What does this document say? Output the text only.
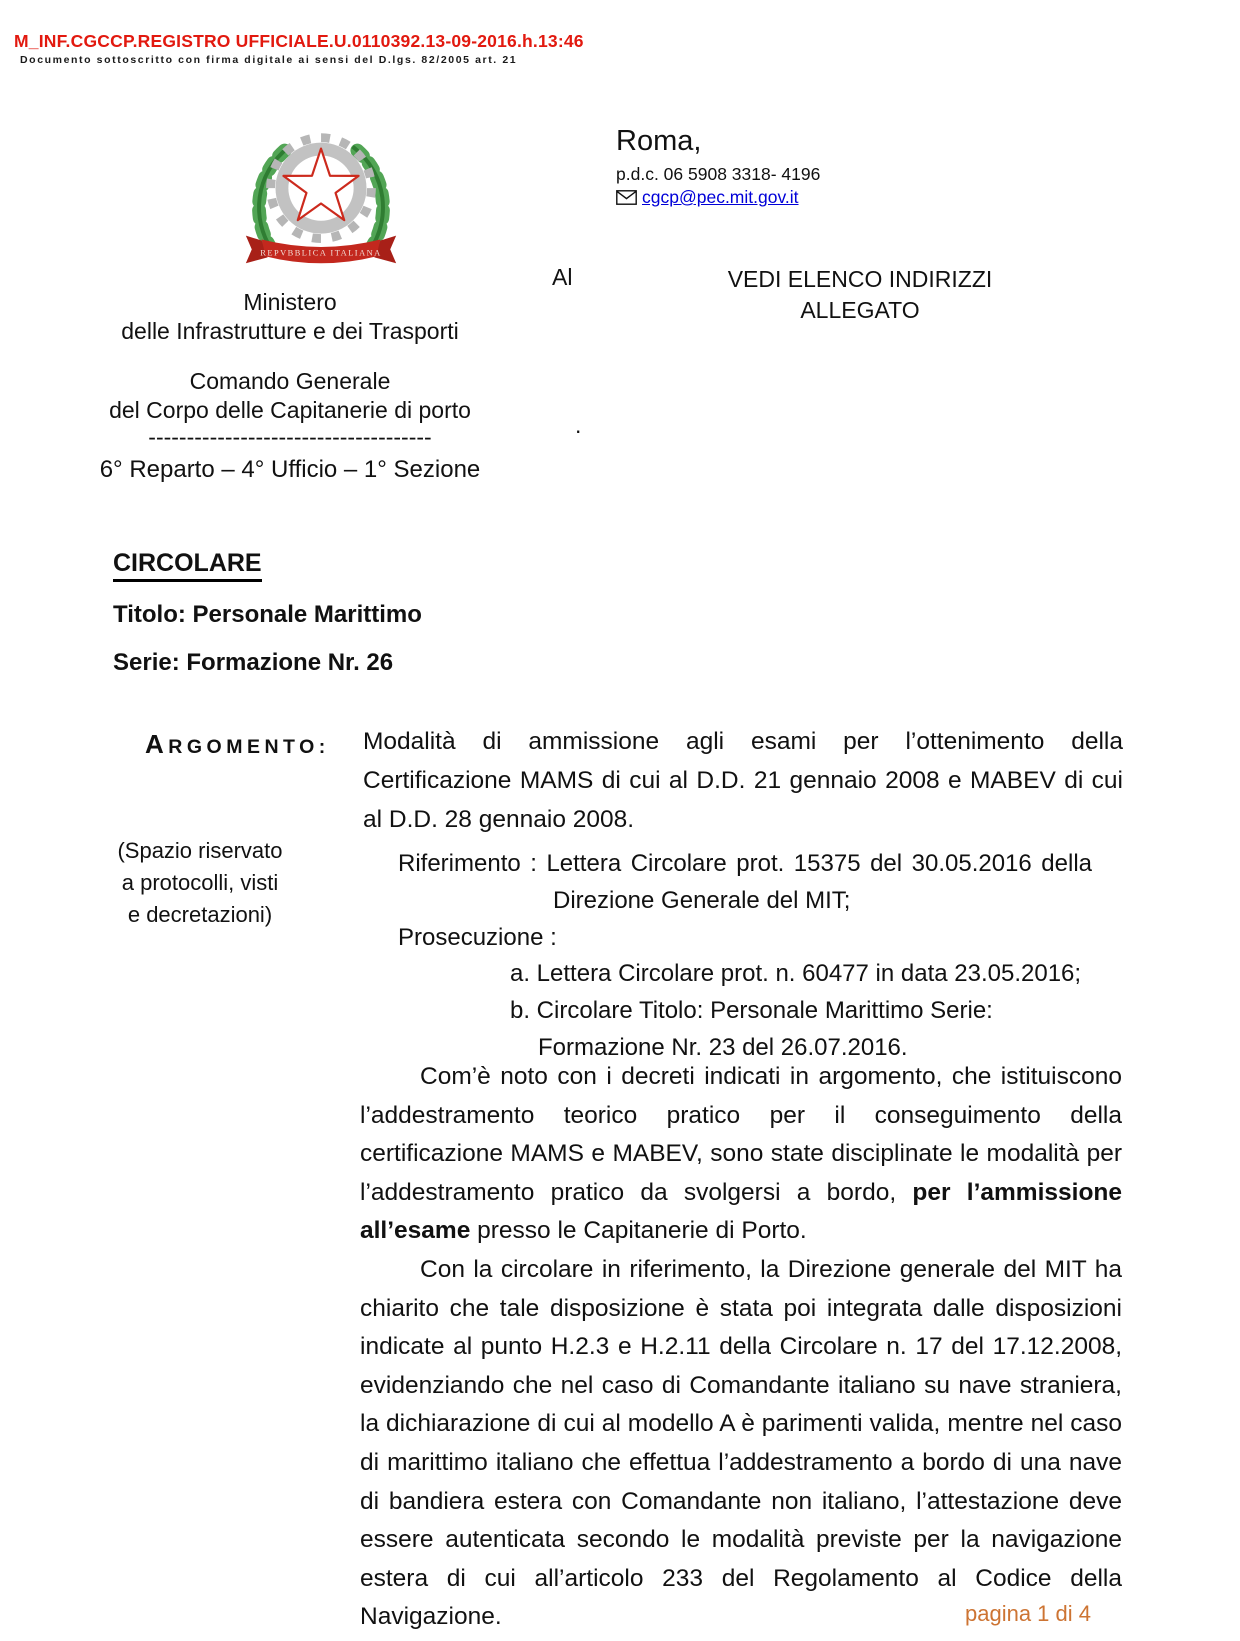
M_INF.CGCCP.REGISTRO UFFICIALE.U.0110392.13-09-2016.h.13:46
Documento sottoscritto con firma digitale ai sensi del D.lgs. 82/2005 art. 21
REPVBBLICA ITALIANA
Roma,
p.d.c. 06 5908 3318- 4196
cgcp@pec.mit.gov.it
Al	VEDI ELENCO INDIRIZZI
ALLEGATO
Ministero
delle Infrastrutture e dei Trasporti
Comando Generale
del Corpo delle Capitanerie di porto
-------------------------------------
6° Reparto – 4° Ufficio – 1° Sezione
.
CIRCOLARE
Titolo: Personale Marittimo
Serie: Formazione Nr. 26
ARGOMENTO: Modalità di ammissione agli esami per l’ottenimento della Certificazione MAMS di cui al D.D. 21 gennaio 2008 e MABEV di cui al D.D. 28 gennaio 2008.
(Spazio riservato
a protocolli, visti
e decretazioni)
Riferimento : Lettera Circolare prot. 15375 del 30.05.2016 della
Direzione Generale del MIT;
Prosecuzione :
a. Lettera Circolare prot. n. 60477 in data 23.05.2016;
b. Circolare Titolo: Personale Marittimo Serie:
Formazione Nr. 23 del 26.07.2016.

Com’è noto con i decreti indicati in argomento, che istituiscono l’addestramento teorico pratico per il conseguimento della certificazione MAMS e MABEV, sono state disciplinate le modalità per l’addestramento pratico da svolgersi a bordo, per l’ammissione all’esame presso le Capitanerie di Porto.

Con la circolare in riferimento, la Direzione generale del MIT ha chiarito che tale disposizione è stata poi integrata dalle disposizioni indicate al punto H.2.3 e H.2.11 della Circolare n. 17 del 17.12.2008, evidenziando che nel caso di Comandante italiano su nave straniera, la dichiarazione di cui al modello A è parimenti valida, mentre nel caso di marittimo italiano che effettua l’addestramento a bordo di una nave di bandiera estera con Comandante non italiano, l’attestazione deve essere autenticata secondo le modalità previste per la navigazione estera di cui all’articolo 233 del Regolamento al Codice della Navigazione.	pagina 1 di 4
